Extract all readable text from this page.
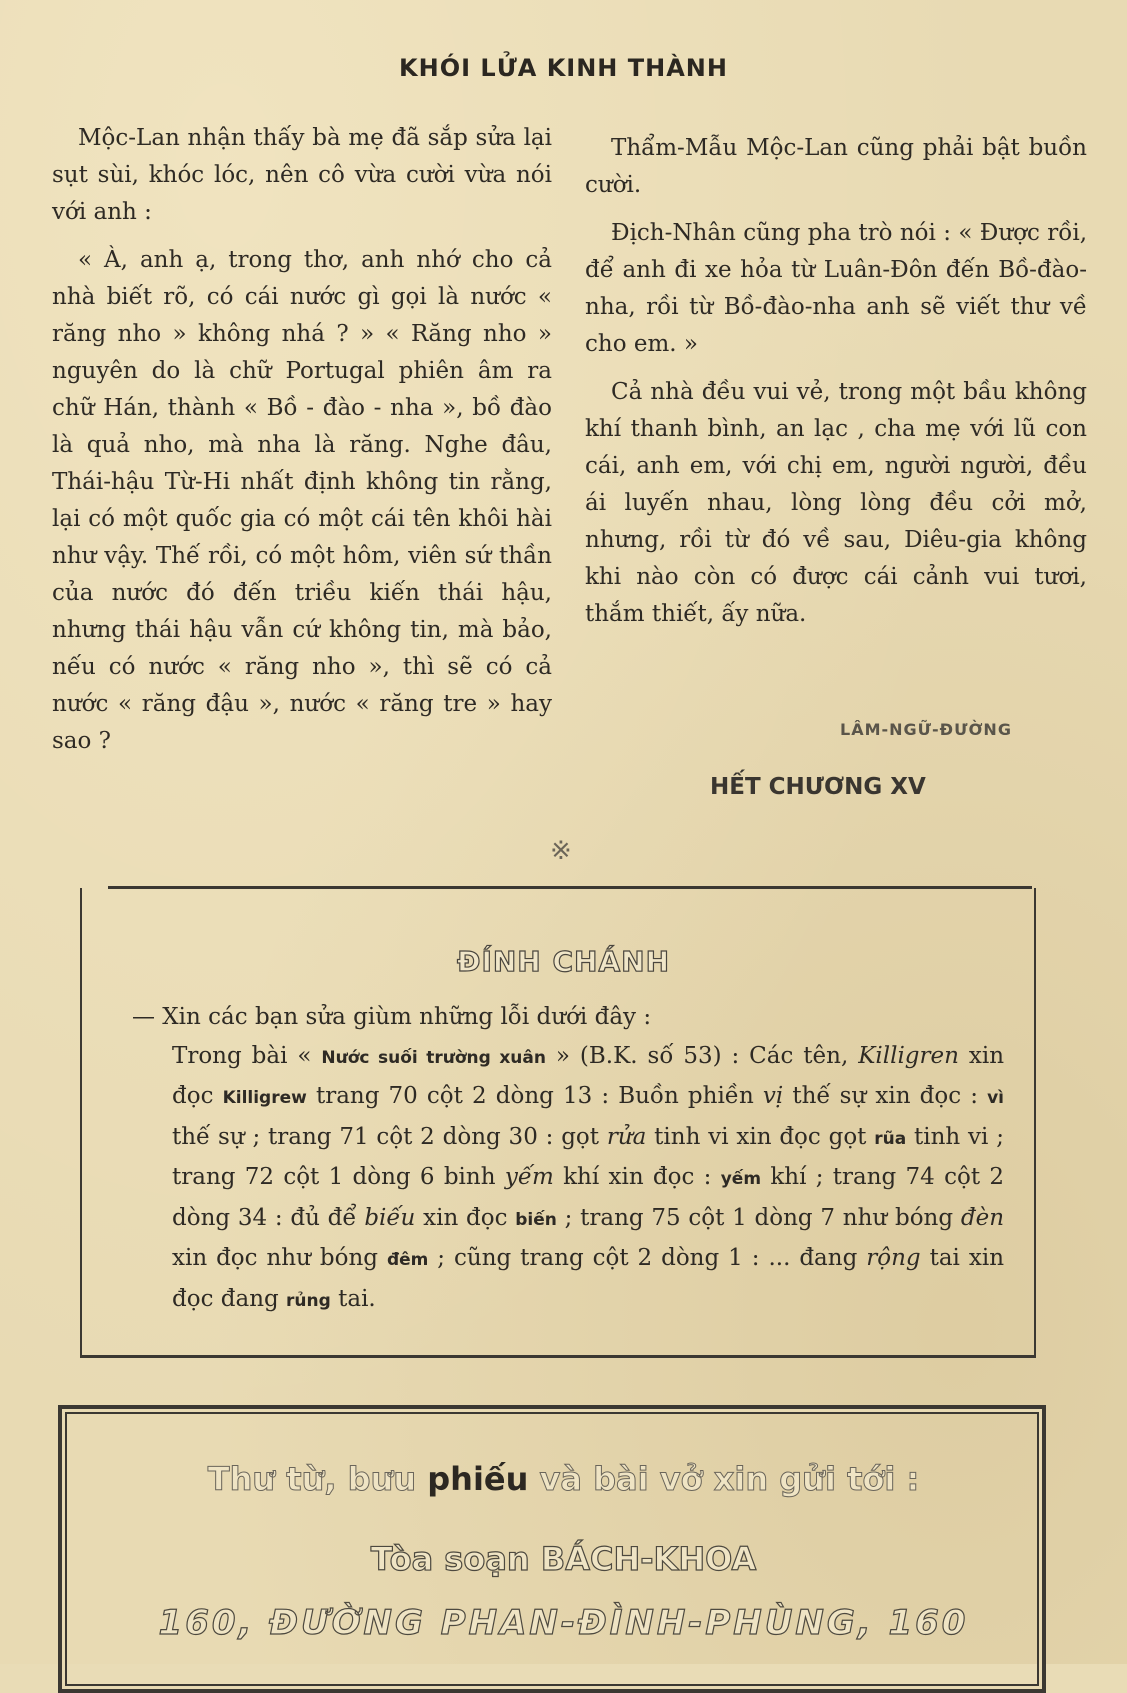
KHÓI LỬA KINH THÀNH

Mộc-Lan nhận thấy bà mẹ đã sắp sửa lại sụt sùi, khóc lóc, nên cô vừa cười vừa nói với anh :

« À, anh ạ, trong thơ, anh nhớ cho cả nhà biết rõ, có cái nước gì gọi là nước « răng nho » không nhá ? » « Răng nho » nguyên do là chữ Portugal phiên âm ra chữ Hán, thành « Bồ - đào - nha », bồ đào là quả nho, mà nha là răng. Nghe đâu, Thái-hậu Từ-Hi nhất định không tin rằng, lại có một quốc gia có một cái tên khôi hài như vậy. Thế rồi, có một hôm, viên sứ thần của nước đó đến triều kiến thái hậu, nhưng thái hậu vẫn cứ không tin, mà bảo, nếu có nước « răng nho », thì sẽ có cả nước « răng đậu », nước « răng tre » hay sao ?

Thẩm-Mẫu Mộc-Lan cũng phải bật buồn cười.

Địch-Nhân cũng pha trò nói : « Được rồi, để anh đi xe hỏa từ Luân-Đôn đến Bồ-đào-nha, rồi từ Bồ-đào-nha anh sẽ viết thư về cho em. »

Cả nhà đều vui vẻ, trong một bầu không khí thanh bình, an lạc , cha mẹ với lũ con cái, anh em, với chị em, người người, đều ái luyến nhau, lòng lòng đều cởi mở, nhưng, rồi từ đó về sau, Diêu-gia không khi nào còn có được cái cảnh vui tươi, thắm thiết, ấy nữa.

LÂM-NGỮ-ĐƯỜNG
HẾT CHƯƠNG XV
※
ĐÍNH CHÁNH

— Xin các bạn sửa giùm những lỗi dưới đây :
Trong bài « Nước suối trường xuân » (B.K. số 53) : Các tên, Killigren xin đọc Killigrew trang 70 cột 2 dòng 13 : Buồn phiền vị thế sự xin đọc : vì thế sự ; trang 71 cột 2 dòng 30 : gọt rửa tinh vi xin đọc gọt rũa tinh vi ; trang 72 cột 1 dòng 6 binh yếm khí xin đọc : yếm khí ; trang 74 cột 2 dòng 34 : đủ để biếu xin đọc biến ; trang 75 cột 1 dòng 7 như bóng đèn xin đọc như bóng đêm ; cũng trang cột 2 dòng 1 : ... đang rộng tai xin đọc đang rủng tai.

Thư từ, bưu phiếu và bài vở xin gửi tới :
Tòa soạn BÁCH-KHOA
160, ĐƯỜNG PHAN-ĐÌNH-PHÙNG, 160
